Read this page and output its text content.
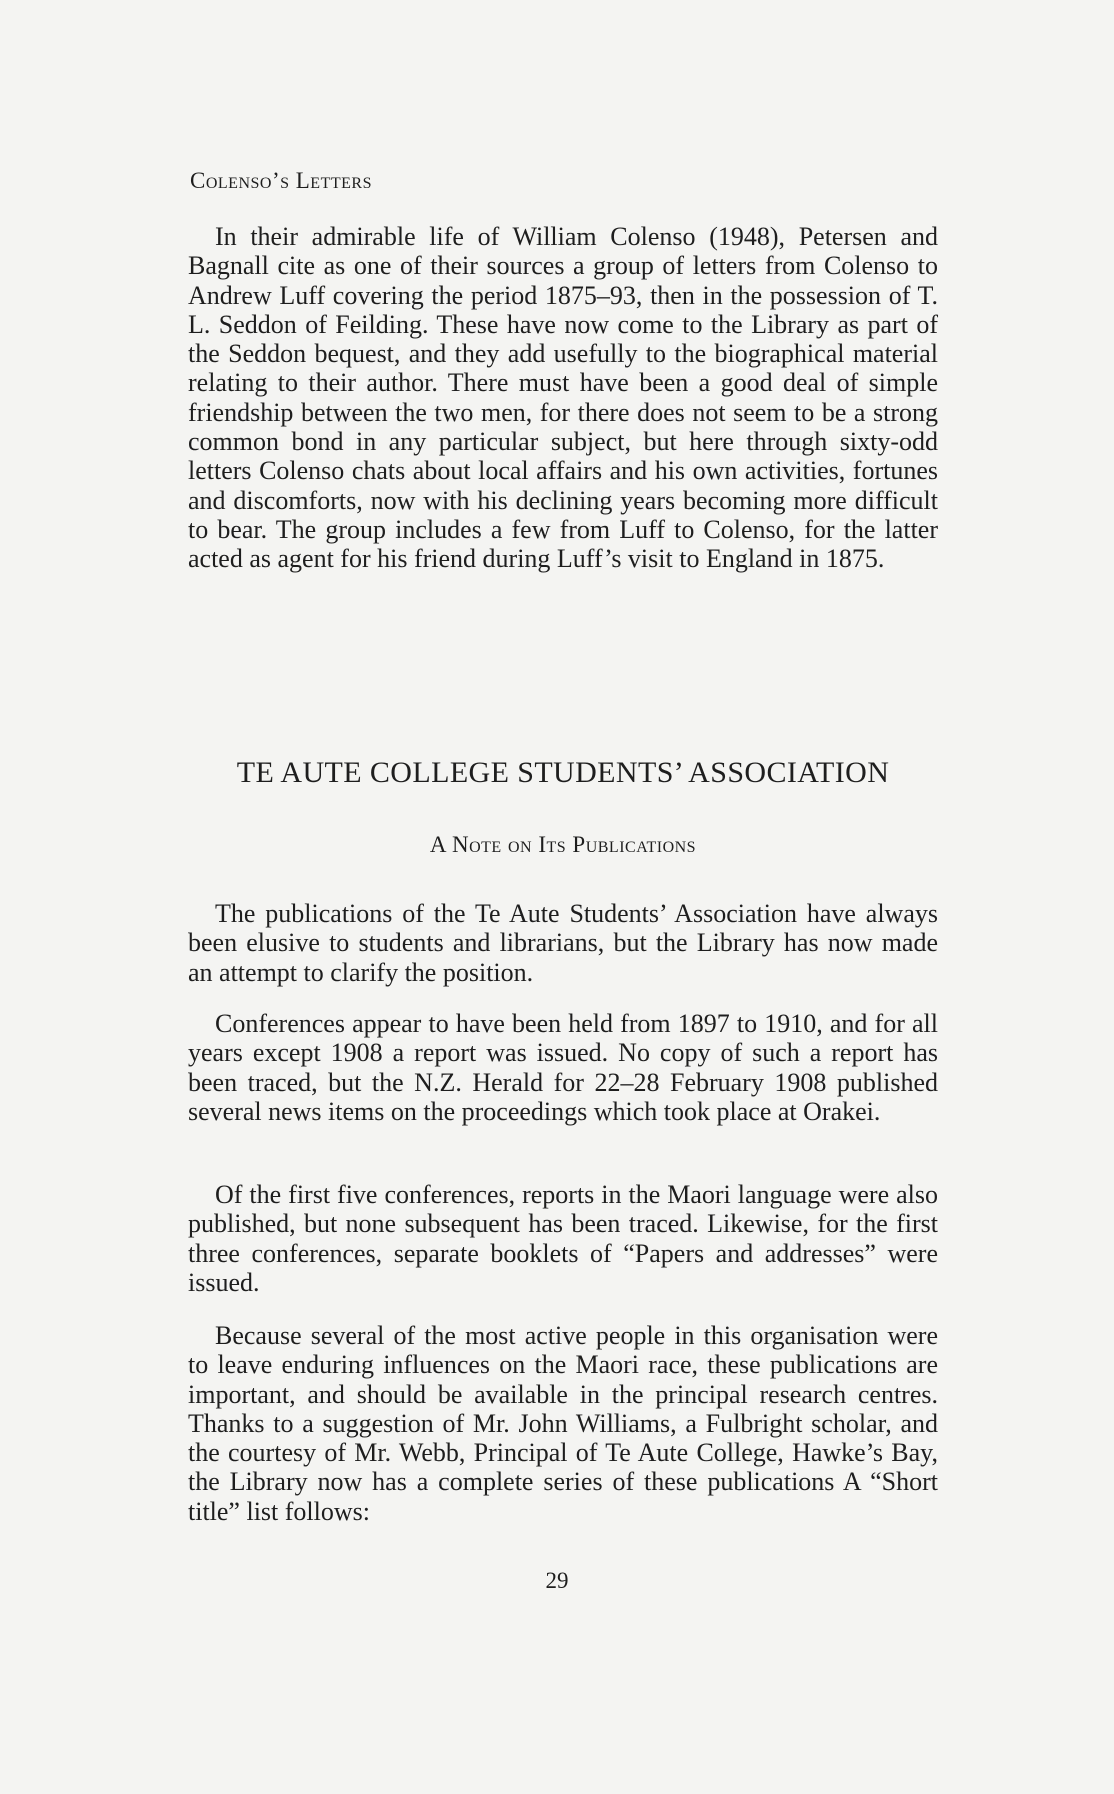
Colenso’s Letters

In their admirable life of William Colenso (1948), Petersen and Bagnall cite as one of their sources a group of letters from Colenso to Andrew Luff covering the period 1875–93, then in the possession of T. L. Seddon of Feilding. These have now come to the Library as part of the Seddon bequest, and they add usefully to the biographical material relating to their author. There must have been a good deal of simple friendship between the two men, for there does not seem to be a strong common bond in any particular subject, but here through sixty-odd letters Colenso chats about local affairs and his own activities, fortunes and discomforts, now with his declining years becoming more difficult to bear. The group includes a few from Luff to Colenso, for the latter acted as agent for his friend during Luff’s visit to England in 1875.

TE AUTE COLLEGE STUDENTS’ ASSOCIATION
A Note on Its Publications

The publications of the Te Aute Students’ Association have always been elusive to students and librarians, but the Library has now made an attempt to clarify the position.

Conferences appear to have been held from 1897 to 1910, and for all years except 1908 a report was issued. No copy of such a report has been traced, but the N.Z. Herald for 22–28 February 1908 published several news items on the proceedings which took place at Orakei.

Of the first five conferences, reports in the Maori language were also published, but none subsequent has been traced. Likewise, for the first three conferences, separate booklets of “Papers and addresses” were issued.

Because several of the most active people in this organisation were to leave enduring influences on the Maori race, these publications are important, and should be available in the principal research centres. Thanks to a suggestion of Mr. John Williams, a Fulbright scholar, and the courtesy of Mr. Webb, Principal of Te Aute College, Hawke’s Bay, the Library now has a complete series of these publications A “Short title” list follows:

29
